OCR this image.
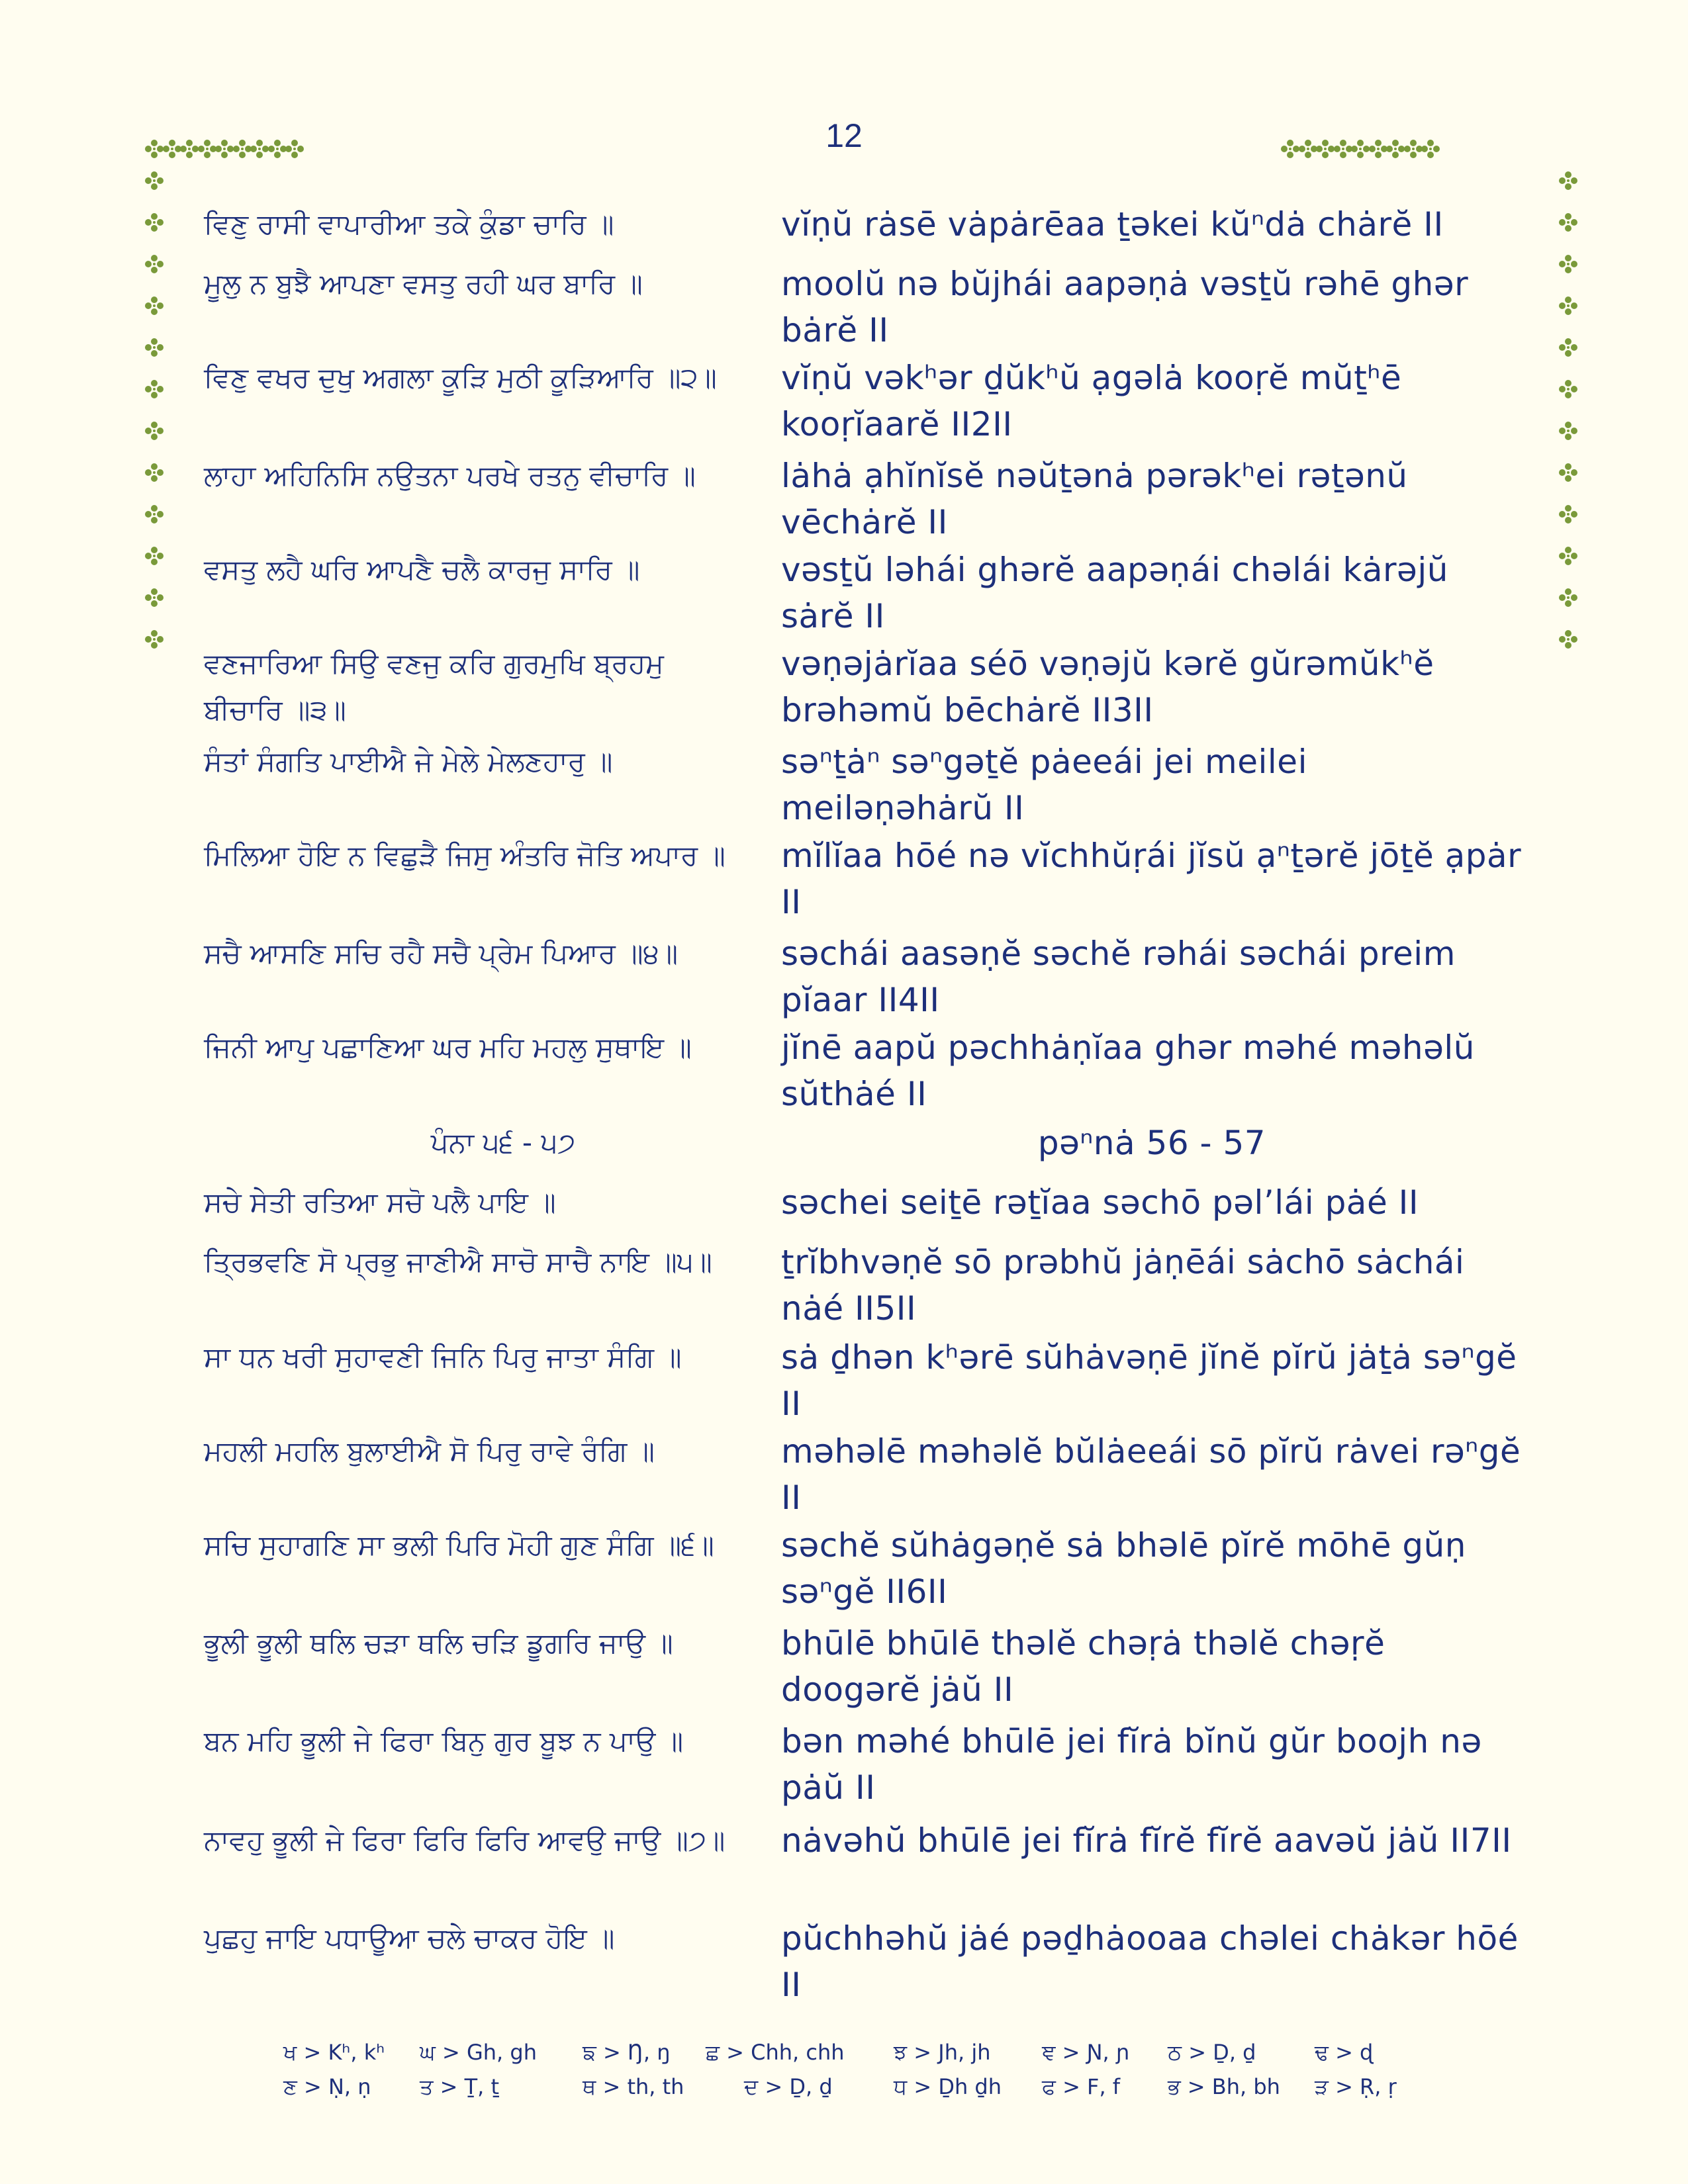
12
ਵਿਣੁ ਰਾਸੀ ਵਾਪਾਰੀਆ ਤਕੇ ਕੁੰਡਾ ਚਾਰਿ ॥	vĭṇŭ rȧsē vȧpȧrēaa ṯəkei kŭⁿdȧ chȧrĕ II
ਮੂਲੁ ਨ ਬੁਝੈ ਆਪਣਾ ਵਸਤੁ ਰਹੀ ਘਰ ਬਾਰਿ ॥	moolŭ nə bŭjhái aapəṇȧ vəsṯŭ rəhē ghər bȧrĕ II
ਵਿਣੁ ਵਖਰ ਦੁਖੁ ਅਗਲਾ ਕੂੜਿ ਮੁਠੀ ਕੂੜਿਆਰਿ ॥੨॥	vĭṇŭ vəkʰər ḏŭkʰŭ ạgəlȧ kooṛĕ mŭṯʰē kooṛĭaarĕ II2II
ਲਾਹਾ ਅਹਿਨਿਸਿ ਨਉਤਨਾ ਪਰਖੇ ਰਤਨੁ ਵੀਚਾਰਿ ॥	lȧhȧ ạhĭnĭsĕ nəŭṯənȧ pərəkʰei rəṯənŭ vēchȧrĕ II
ਵਸਤੁ ਲਹੈ ਘਰਿ ਆਪਣੈ ਚਲੈ ਕਾਰਜੁ ਸਾਰਿ ॥	vəsṯŭ ləhái ghərĕ aapəṇái chəlái kȧrəjŭ sȧrĕ II
ਵਣਜਾਰਿਆ ਸਿਉ ਵਣਜੁ ਕਰਿ ਗੁਰਮੁਖਿ ਬ੍ਰਹਮੁ ਬੀਚਾਰਿ ॥੩॥
vəṇəjȧrĭaa séō vəṇəjŭ kərĕ gŭrəmŭkʰĕ brəhəmŭ bēchȧrĕ II3II
ਸੰਤਾਂ ਸੰਗਤਿ ਪਾਈਐ ਜੇ ਮੇਲੇ ਮੇਲਣਹਾਰੁ ॥	səⁿṯȧⁿ səⁿgəṯĕ pȧeeái jei meilei meiləṇəhȧrŭ II
ਮਿਲਿਆ ਹੋਇ ਨ ਵਿਛੁੜੈ ਜਿਸੁ ਅੰਤਰਿ ਜੋਤਿ ਅਪਾਰ ॥	mĭlĭaa hōé nə vĭchhŭṛái jĭsŭ ạⁿṯərĕ jōṯĕ ạpȧr II
ਸਚੈ ਆਸਣਿ ਸਚਿ ਰਹੈ ਸਚੈ ਪ੍ਰੇਮ ਪਿਆਰ ॥੪॥	səchái aasəṇĕ səchĕ rəhái səchái preim pĭaar II4II
ਜਿਨੀ ਆਪੁ ਪਛਾਣਿਆ ਘਰ ਮਹਿ ਮਹਲੁ ਸੁਥਾਇ ॥	jĭnē aapŭ pəchhȧṇĭaa ghər məhé məhəlŭ sŭthȧé II
ਪੰਨਾ ੫੬ - ੫੭	pəⁿnȧ 56 - 57
ਸਚੇ ਸੇਤੀ ਰਤਿਆ ਸਚੋ ਪਲੈ ਪਾਇ ॥	səchei seiṯē rəṯĭaa səchō pəl’lái pȧé II
ਤ੍ਰਿਭਵਣਿ ਸੋ ਪ੍ਰਭੁ ਜਾਣੀਐ ਸਾਚੋ ਸਾਚੈ ਨਾਇ ॥੫॥	ṯrĭbhvəṇĕ sō prəbhŭ jȧṇēái sȧchō sȧchái nȧé II5II
ਸਾ ਧਨ ਖਰੀ ਸੁਹਾਵਣੀ ਜਿਨਿ ਪਿਰੁ ਜਾਤਾ ਸੰਗਿ ॥	sȧ ḏhən kʰərē sŭhȧvəṇē jĭnĕ pĭrŭ jȧṯȧ səⁿgĕ II
ਮਹਲੀ ਮਹਲਿ ਬੁਲਾਈਐ ਸੋ ਪਿਰੁ ਰਾਵੇ ਰੰਗਿ ॥	məhəlē məhəlĕ bŭlȧeeái sō pĭrŭ rȧvei rəⁿgĕ II
ਸਚਿ ਸੁਹਾਗਣਿ ਸਾ ਭਲੀ ਪਿਰਿ ਮੋਹੀ ਗੁਣ ਸੰਗਿ ॥੬॥	səchĕ sŭhȧgəṇĕ sȧ bhəlē pĭrĕ mōhē gŭṇ səⁿgĕ II6II
ਭੂਲੀ ਭੂਲੀ ਥਲਿ ਚੜਾ ਥਲਿ ਚੜਿ ਡੂਗਰਿ ਜਾਉ ॥	bhūlē bhūlē thəlĕ chəṛȧ thəlĕ chəṛĕ doogərĕ jȧŭ II
ਬਨ ਮਹਿ ਭੂਲੀ ਜੇ ਫਿਰਾ ਬਿਨੁ ਗੁਰ ਬੂਝ ਨ ਪਾਉ ॥	bən məhé bhūlē jei fĭrȧ bĭnŭ gŭr boojh nə pȧŭ II
ਨਾਵਹੁ ਭੂਲੀ ਜੇ ਫਿਰਾ ਫਿਰਿ ਫਿਰਿ ਆਵਉ ਜਾਉ ॥੭॥	nȧvəhŭ bhūlē jei fĭrȧ fĭrĕ fĭrĕ aavəŭ jȧŭ II7II
ਪੁਛਹੁ ਜਾਇ ਪਧਾਊਆ ਚਲੇ ਚਾਕਰ ਹੋਇ ॥	pŭchhəhŭ jȧé pəḏhȧooaa chəlei chȧkər hōé II
ਖ > Kʰ, kʰ ਘ > Gh, gh ਙ > Ŋ, ŋ ਛ > Chh, chh ਝ > Jh, jh ਞ > Ɲ, ɲ ਠ > Ḏ, ḏ	ਢ > ɖ
ਣ > Ṇ, ṇ ਤ > Ṯ, ṯ	ਥ > th, th	ਦ > Ḏ, ḏ	ਧ > Ḏh ḏh ਫ > F, f ਭ > Bh, bh ੜ > Ṛ, ṛ
